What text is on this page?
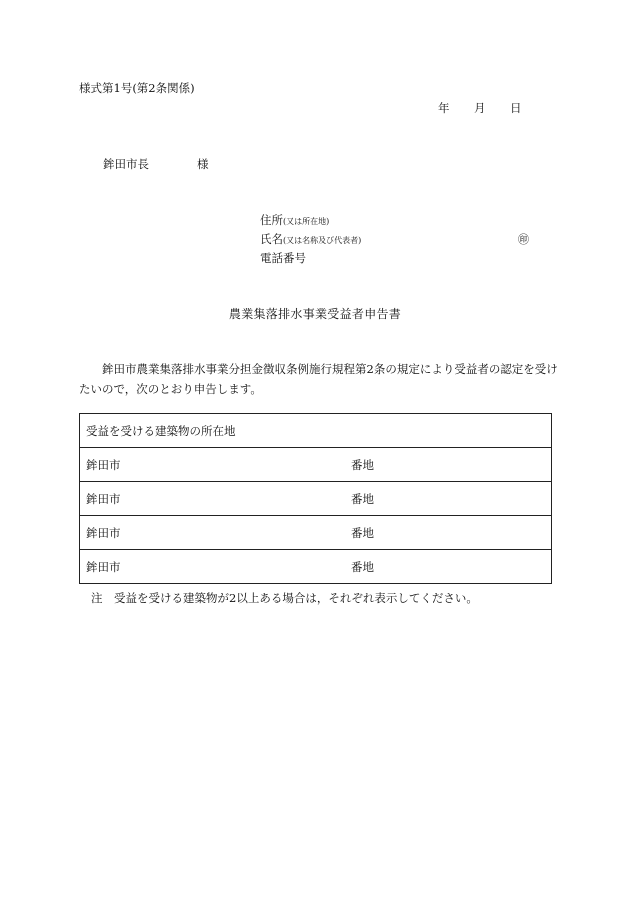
様式第1号(第2条関係)
年	月	日
鉾田市長	様
住所 (又は所在地)
氏名 (又は名称及び代表者)
電話番号
㊞
農業集落排水事業受益者申告書
鉾田市農業集落排水事業分担金徴収条例施行規程第2条の規定により受益者の認定を受けたいので，次のとおり申告します。
受益を受ける建築物の所在地	
鉾田市	番地
鉾田市	番地
鉾田市	番地
鉾田市	番地
注 受益を受ける建築物が2以上ある場合は，それぞれ表示してください。
